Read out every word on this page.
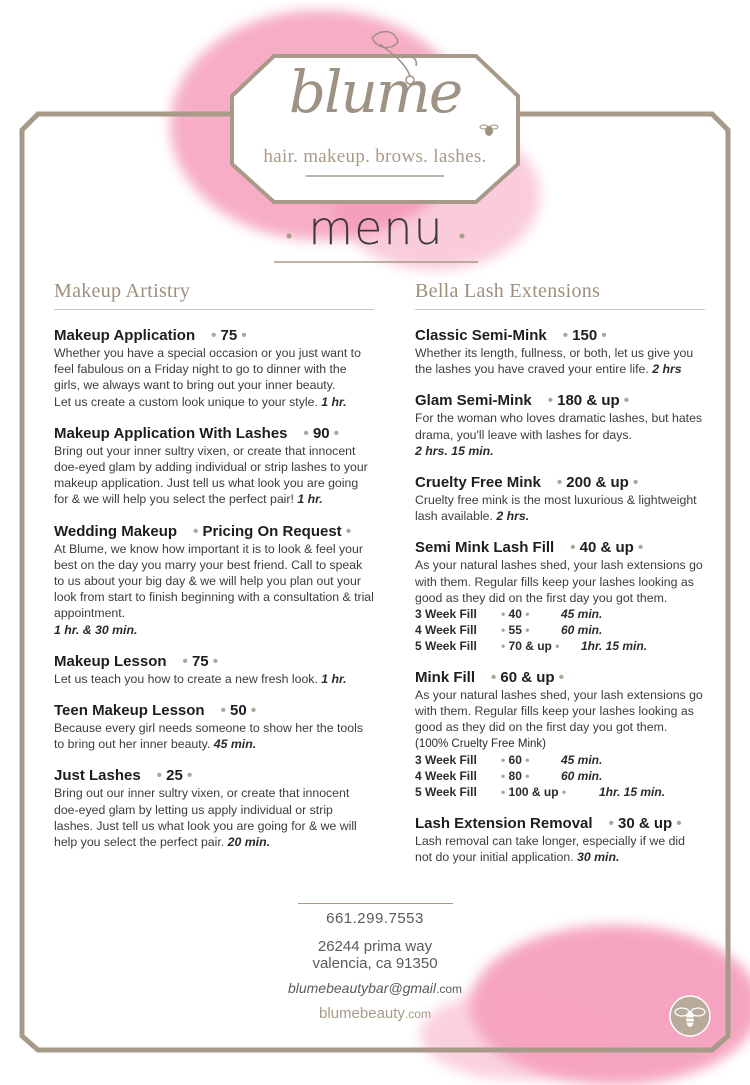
blume
hair. makeup. brows. lashes.
menu
Makeup Artistry
Makeup Application • 75 •
Whether you have a special occasion or you just want to feel fabulous on a Friday night to go to dinner with the girls, we always want to bring out your inner beauty.
Let us create a custom look unique to your style. 1 hr.
Makeup Application With Lashes • 90 •
Bring out your inner sultry vixen, or create that innocent doe-eyed glam by adding individual or strip lashes to your makeup application. Just tell us what look you are going for & we will help you select the perfect pair! 1 hr.
Wedding Makeup • Pricing On Request •
At Blume, we know how important it is to look & feel your best on the day you marry your best friend. Call to speak to us about your big day & we will help you plan out your look from start to finish beginning with a consultation & trial appointment.
1 hr. & 30 min.
Makeup Lesson • 75 •
Let us teach you how to create a new fresh look. 1 hr.
Teen Makeup Lesson • 50 •
Because every girl needs someone to show her the tools to bring out her inner beauty. 45 min.
Just Lashes • 25 •
Bring out our inner sultry vixen, or create that innocent doe-eyed glam by letting us apply individual or strip lashes. Just tell us what look you are going for & we will help you select the perfect pair. 20 min.
Bella Lash Extensions
Classic Semi-Mink • 150 •
Whether its length, fullness, or both, let us give you the lashes you have craved your entire life. 2 hrs
Glam Semi-Mink • 180 & up •
For the woman who loves dramatic lashes, but hates drama, you'll leave with lashes for days.
2 hrs. 15 min.
Cruelty Free Mink • 200 & up •
Cruelty free mink is the most luxurious & lightweight lash available. 2 hrs.
Semi Mink Lash Fill • 40 & up •
As your natural lashes shed, your lash extensions go with them. Regular fills keep your lashes looking as good as they did on the first day you got them.
3 Week Fill	• 40 •	45 min.
4 Week Fill	• 55 •	60 min.
5 Week Fill	• 70 & up •	1hr. 15 min.
Mink Fill • 60 & up •
As your natural lashes shed, your lash extensions go with them. Regular fills keep your lashes looking as good as they did on the first day you got them.
(100% Cruelty Free Mink)
3 Week Fill	• 60 •	45 min.
4 Week Fill	• 80 •	60 min.
5 Week Fill	• 100 & up •	1hr. 15 min.
Lash Extension Removal • 30 & up •
Lash removal can take longer, especially if we did not do your initial application. 30 min.
661.299.7553
26244 prima way
valencia, ca 91350
blumebeautybar@gmail.com
blumebeauty.com
